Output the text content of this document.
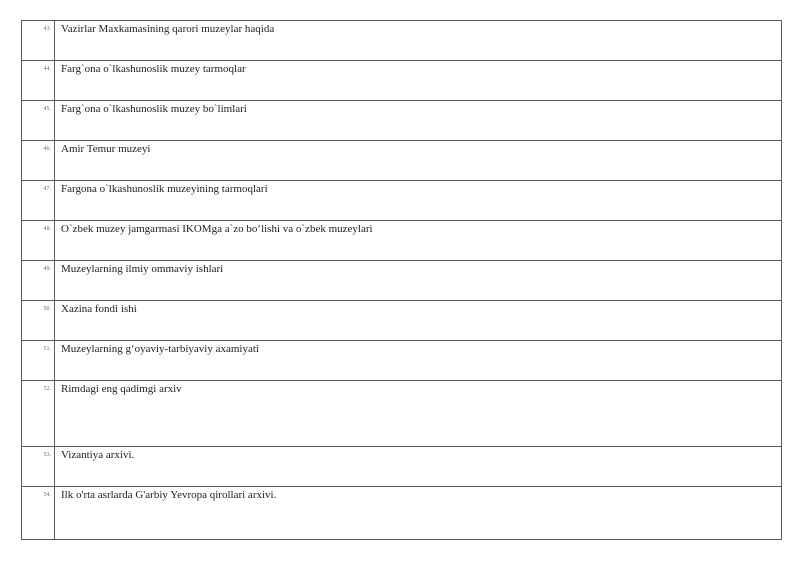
43.	Vazirlar Maxkamasining qarori muzeylar haqida
44.	Farg`ona o`lkashunoslik muzey tarmoqlar
45.	Farg`ona o`lkashunoslik muzey bo`limlari
46.	Amir Temur muzeyi
47.	Fargona o`lkashunoslik muzeyining tarmoqlari
48.	O`zbek muzey jamgarmasi IKOMga a`zo bo‘lishi va o`zbek muzeylari
49.	Muzeylarning ilmiy ommaviy ishlari
50.	Xazina fondi ishi
51.	Muzeylarning g‘oyaviy-tarbiyaviy axamiyati
52.	Rimdagi eng qadimgi arxiv
53.	Vizantiya arxivi.
54.	Ilk o'rta asrlarda G'arbiy Yevropa qirollari arxivi.
